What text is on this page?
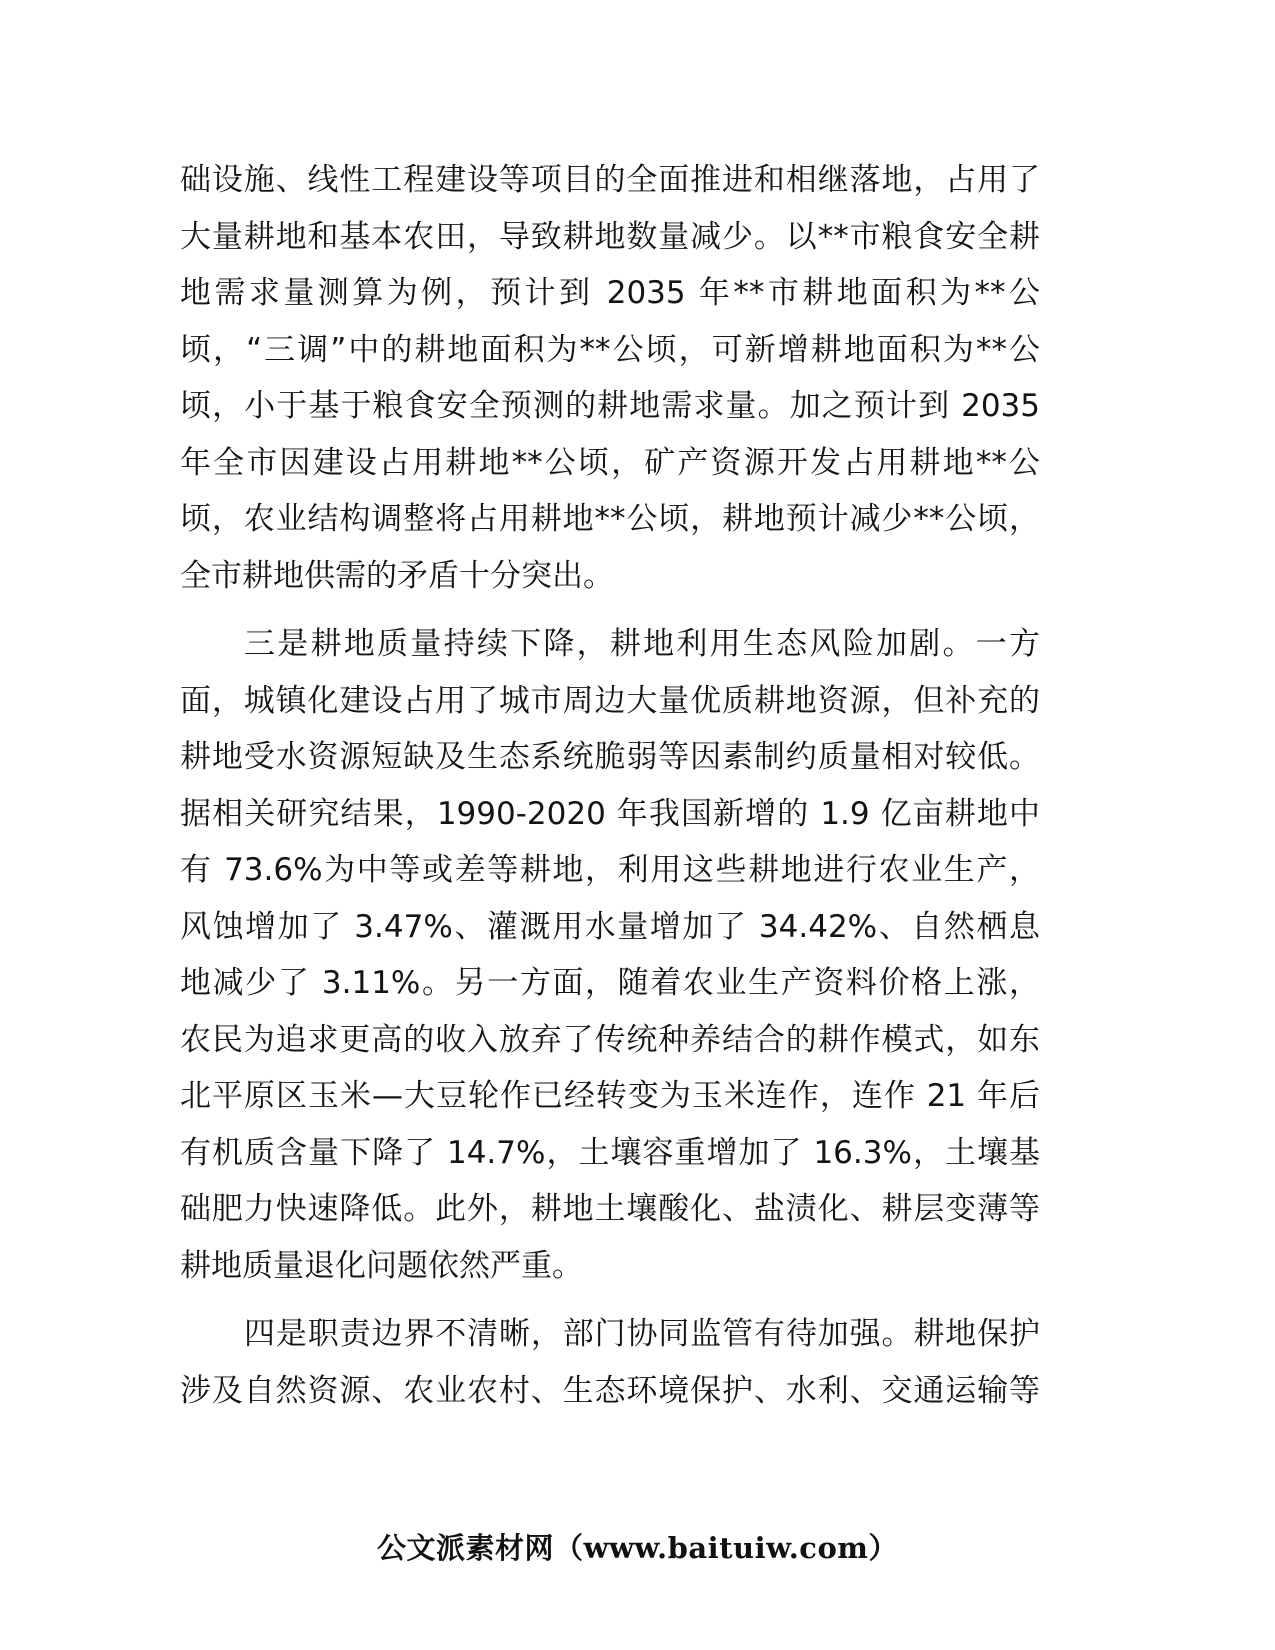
础设施、线性工程建设等项目的全面推进和相继落地，占用了
大量耕地和基本农田，导致耕地数量减少。以**市粮食安全耕
地需求量测算为例，预计到 2035 年**市耕地面积为**公
顷，“三调”中的耕地面积为**公顷，可新增耕地面积为**公
顷，小于基于粮食安全预测的耕地需求量。加之预计到 2035
年全市因建设占用耕地**公顷，矿产资源开发占用耕地**公
顷，农业结构调整将占用耕地**公顷，耕地预计减少**公顷，
全市耕地供需的矛盾十分突出。
三是耕地质量持续下降，耕地利用生态风险加剧。一方
面，城镇化建设占用了城市周边大量优质耕地资源，但补充的
耕地受水资源短缺及生态系统脆弱等因素制约质量相对较低。
据相关研究结果，1990-2020 年我国新增的 1.9 亿亩耕地中
有 73.6%为中等或差等耕地，利用这些耕地进行农业生产，
风蚀增加了 3.47%、灌溉用水量增加了 34.42%、自然栖息
地减少了 3.11%。另一方面，随着农业生产资料价格上涨，
农民为追求更高的收入放弃了传统种养结合的耕作模式，如东
北平原区玉米—大豆轮作已经转变为玉米连作，连作 21 年后
有机质含量下降了 14.7%，土壤容重增加了 16.3%，土壤基
础肥力快速降低。此外，耕地土壤酸化、盐渍化、耕层变薄等
耕地质量退化问题依然严重。
四是职责边界不清晰，部门协同监管有待加强。耕地保护
涉及自然资源、农业农村、生态环境保护、水利、交通运输等
公文派素材网（www.baituiw.com）
